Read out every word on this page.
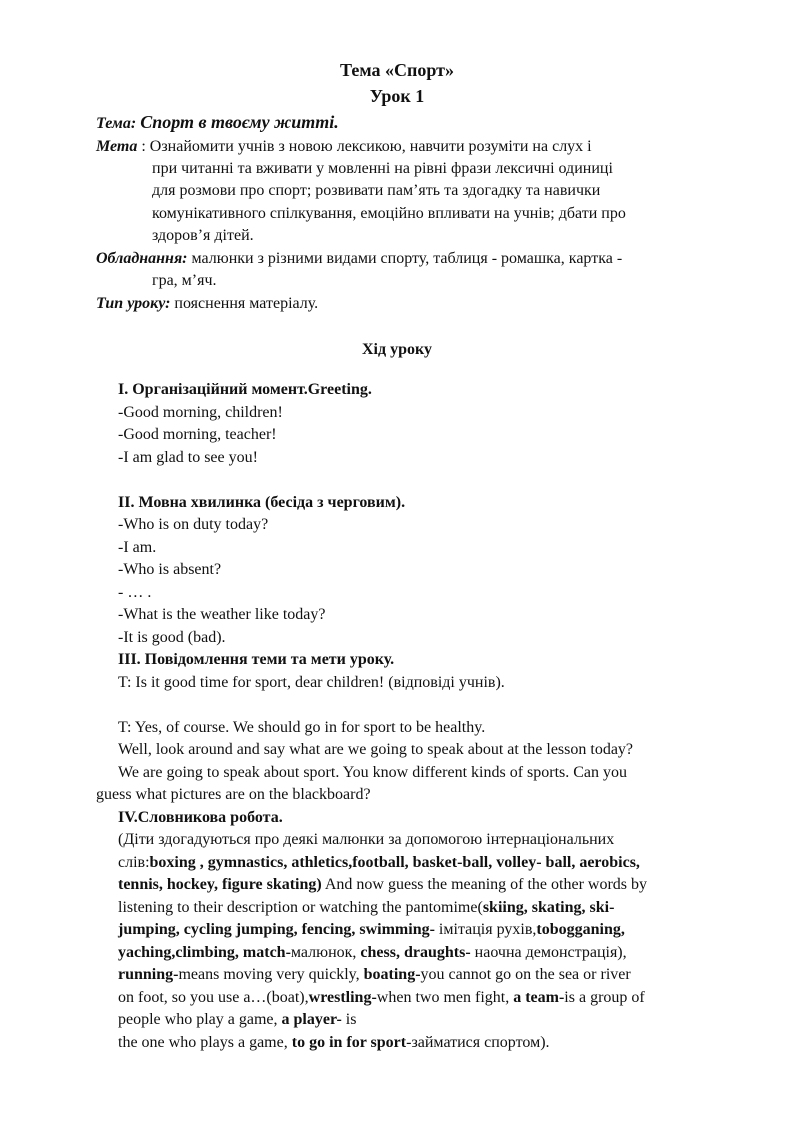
Тема «Спорт»
Урок 1
Тема: Спорт в твоєму житті.
Мета : Ознайомити учнів з новою лексикою, навчити розуміти на слух і
при читанні та вживати у мовленні на рівні фрази лексичні одиниці
для розмови про спорт; розвивати пам’ять та здогадку та навички
комунікативного спілкування, емоційно впливати на учнів; дбати про
здоров’я дітей.
Обладнання: малюнки з різними видами спорту, таблиця - ромашка, картка -
гра, м’яч.
Тип уроку: пояснення матеріалу.
Хід уроку
I. Організаційний момент.Greeting.
-Good morning, children!
-Good morning, teacher!
-I am glad to see you!
II. Мовна хвилинка (бесіда з черговим).
-Who is on duty today?
-I am.
-Who is absent?
- … .
-What is the weather like today?
-It is good (bad).
III. Повідомлення теми та мети уроку.
T: Is it good time for sport, dear children! (відповіді учнів).
T: Yes, of course. We should go in for sport to be healthy.
Well, look around and say what are we going to speak about at the lesson today?
We are going to speak about sport. You know different kinds of sports. Can you
guess what pictures are on the blackboard?
IV.Словникова робота.
(Діти здогадуються про деякі малюнки за допомогою інтернаціональних
слів:boxing , gymnastics, athletics,football, basket-ball, volley- ball, aerobics,
tennis, hockey, figure skating) And now guess the meaning of the other words by
listening to their description or watching the pantomime(skiing, skating, ski-
jumping, cycling jumping, fencing, swimming- імітація рухів,tobogganing,
yaching,climbing, match-малюнок, chess, draughts- наочна демонстрація),
running-means moving very quickly, boating-you cannot go on the sea or river
on foot, so you use a…(boat),wrestling-when two men fight, a team-is a group of
people who play a game, a player- is
the one who plays a game, to go in for sport-займатися спортом).
